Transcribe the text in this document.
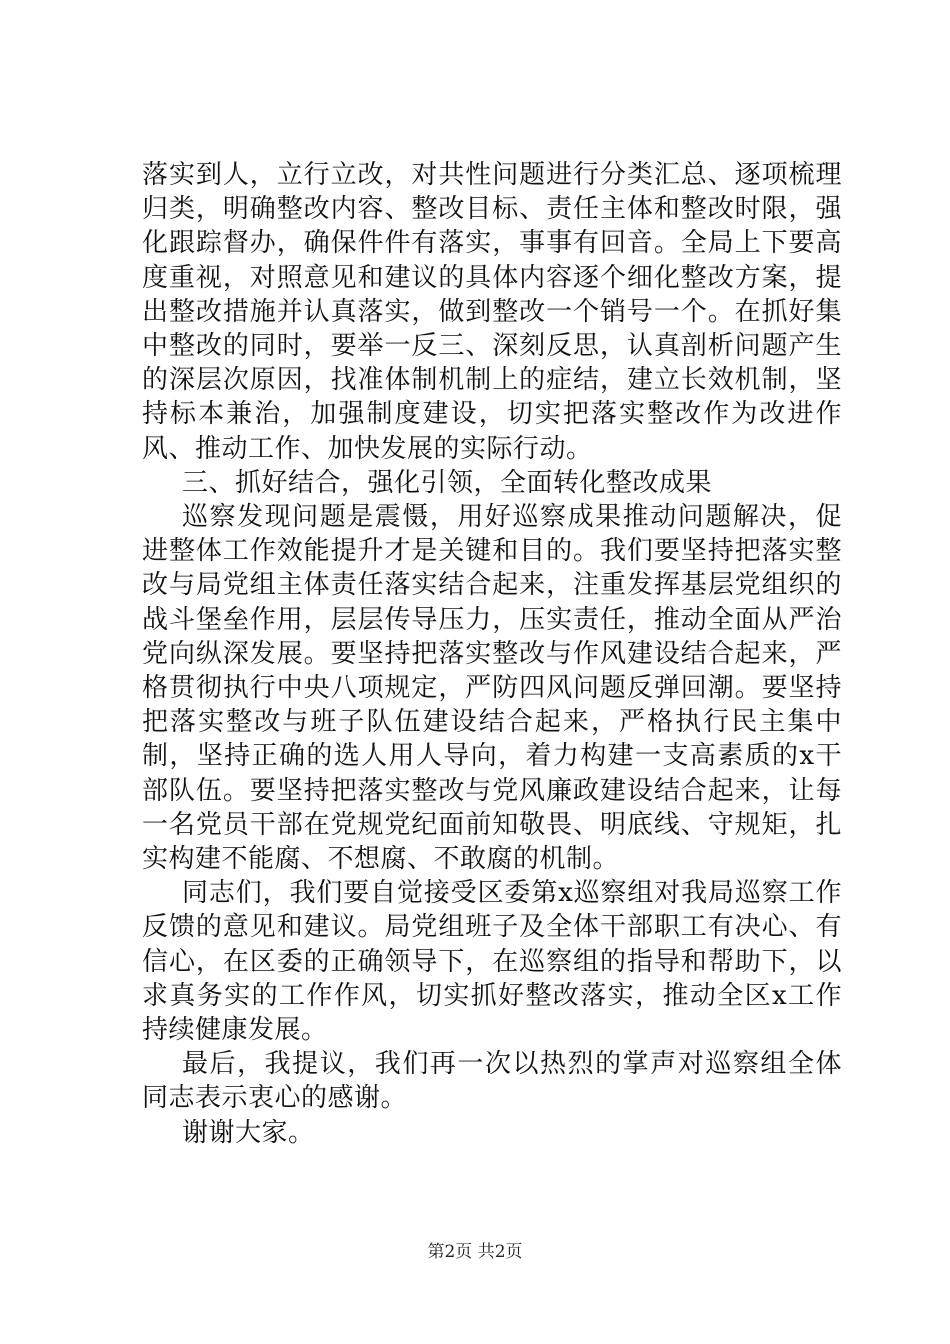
落实到人，立行立改，对共性问题进行分类汇总、逐项梳理归类，明确整改内容、整改目标、责任主体和整改时限，强化跟踪督办，确保件件有落实，事事有回音。全局上下要高度重视，对照意见和建议的具体内容逐个细化整改方案，提出整改措施并认真落实，做到整改一个销号一个。在抓好集中整改的同时，要举一反三、深刻反思，认真剖析问题产生的深层次原因，找准体制机制上的症结，建立长效机制，坚持标本兼治，加强制度建设，切实把落实整改作为改进作风、推动工作、加快发展的实际行动。

三、抓好结合，强化引领，全面转化整改成果

巡察发现问题是震慑，用好巡察成果推动问题解决，促进整体工作效能提升才是关键和目的。我们要坚持把落实整改与局党组主体责任落实结合起来，注重发挥基层党组织的战斗堡垒作用，层层传导压力，压实责任，推动全面从严治党向纵深发展。要坚持把落实整改与作风建设结合起来，严格贯彻执行中央八项规定，严防四风问题反弹回潮。要坚持把落实整改与班子队伍建设结合起来，严格执行民主集中制，坚持正确的选人用人导向，着力构建一支高素质的x干部队伍。要坚持把落实整改与党风廉政建设结合起来，让每一名党员干部在党规党纪面前知敬畏、明底线、守规矩，扎实构建不能腐、不想腐、不敢腐的机制。

同志们，我们要自觉接受区委第x巡察组对我局巡察工作反馈的意见和建议。局党组班子及全体干部职工有决心、有信心，在区委的正确领导下，在巡察组的指导和帮助下，以求真务实的工作作风，切实抓好整改落实，推动全区x工作持续健康发展。

最后，我提议，我们再一次以热烈的掌声对巡察组全体同志表示衷心的感谢。

谢谢大家。

第2页 共2页
